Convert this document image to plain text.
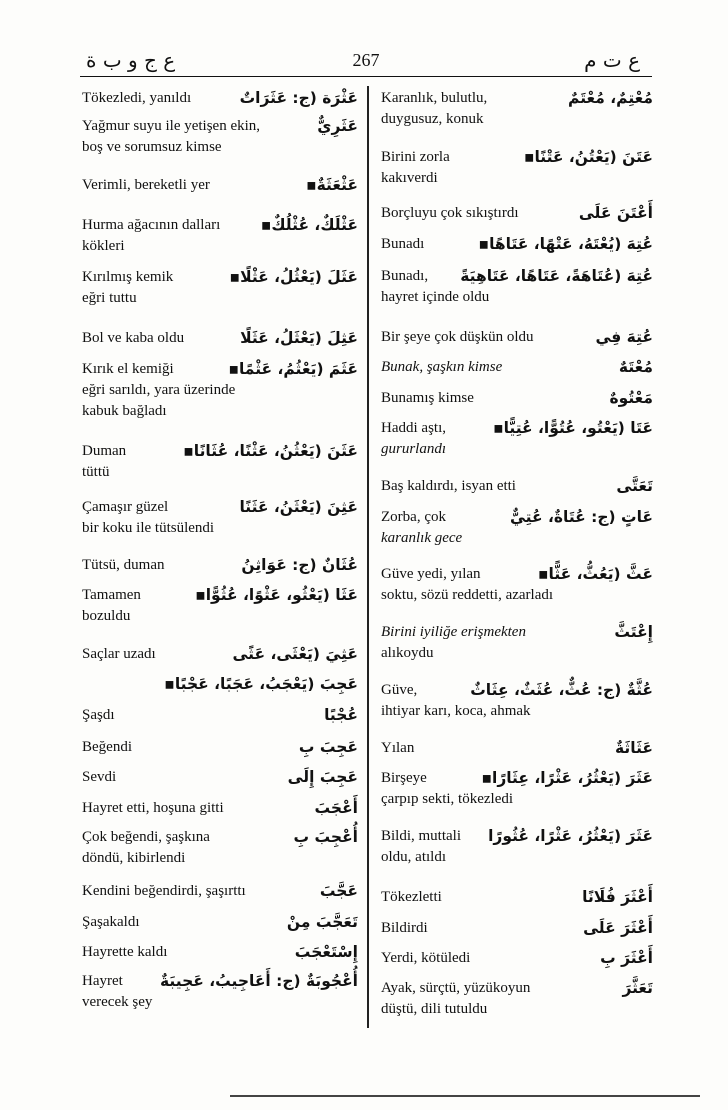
ع ج و ب ة	267	ع ت م
عَثْرَة (ج: عَثَرَاتٌ
Tökezledi, yanıldı
عَثَرِيٌّ
Yağmur suyu ile yetişen ekin,
boş ve sorumsuz kimse
عَثْعَثَةٌ▪
Verimli, bereketli yer
عَثْلَكٌ، عُثْلُكٌ▪
Hurma ağacının dalları
kökleri
عَثَلَ (يَعْثُلُ، عَثْلًا▪
Kırılmış kemik
eğri tuttu
عَثِلَ (يَعْثَلُ، عَثَلًا
Bol ve kaba oldu
عَثَمَ (يَعْثُمُ، عَثْمًا▪
Kırık el kemiği
eğri sarıldı, yara üzerinde
kabuk bağladı
عَثَنَ (يَعْثُنُ، عَثْنًا، عُثَانًا▪
Duman
tüttü
عَثِنَ (يَعْثَنُ، عَثَنًا
Çamaşır güzel
bir koku ile tütsülendi
عُثَانٌ (ج: عَوَاثِنُ
Tütsü, duman
عَثَا (يَعْثُو، عَثْوًا، عُثُوًّا▪
Tamamen
bozuldu
عَثِيَ (يَعْثَى، عَثًى
Saçlar uzadı
عَجِبَ (يَعْجَبُ، عَجَبًا، عَجْبًا▪
عُجْبًا
Şaşdı
عَجِبَ بِ
Beğendi
عَجِبَ إِلَى
Sevdi
أَعْجَبَ
Hayret etti, hoşuna gitti
أُعْجِبَ بِ
Çok beğendi, şaşkına
döndü, kibirlendi
عَجَّبَ
Kendini beğendirdi, şaşırttı
تَعَجَّبَ مِنْ
Şaşakaldı
إِسْتَعْجَبَ
Hayrette kaldı
أُعْجُوبَةٌ (ج: أَعَاجِيبُ، عَجِيبَةٌ
Hayret
verecek şey
مُعْتِمٌ، مُعْتَمٌ
Karanlık, bulutlu,
duygusuz, konuk
عَتَنَ (يَعْتُنُ، عَتْنًا▪
Birini zorla
kakıverdi
أَعْتَنَ عَلَى
Borçluyu çok sıkıştırdı
عُتِهَ (يُعْتَهُ، عَتْهًا، عَتَاهًا▪
Bunadı
عُتِهَ (عُتَاهَةً، عَتَاهًا، عَتَاهِيَةً
Bunadı,
hayret içinde oldu
عُتِهَ فِي
Bir şeye çok düşkün oldu
مُعْتَهٌ
Bunak, şaşkın kimse
مَعْتُوهٌ
Bunamış kimse
عَتَا (يَعْتُو، عُتُوًّا، عُتِيًّا▪
Haddi aştı,
gururlandı
تَعَتَّى
Baş kaldırdı, isyan etti
عَاتٍ (ج: عُتَاةٌ، عُتِيٌّ
Zorba, çok
karanlık gece
عَثَّ (يَعُثُّ، عَثًّا▪
Güve yedi, yılan
soktu, sözü reddetti, azarladı
إِعْتَثَّ
Birini iyiliğe erişmekten
alıkoydu
عُثَّةٌ (ج: عُثٌّ، عُثَثٌ، عِثَاثٌ
Güve,
ihtiyar karı, koca, ahmak
عَثَاثَةٌ
Yılan
عَثَرَ (يَعْثُرُ، عَثْرًا، عِثَارًا▪
Birşeye
çarpıp sekti, tökezledi
عَثَرَ (يَعْثُرُ، عَثْرًا، عُثُورًا
Bildi, muttali
oldu, atıldı
أَعْثَرَ فُلَانًا
Tökezletti
أَعْثَرَ عَلَى
Bildirdi
أَعْثَرَ بِ
Yerdi, kötüledi
تَعَثَّرَ
Ayak, sürçtü, yüzükoyun
düştü, dili tutuldu
